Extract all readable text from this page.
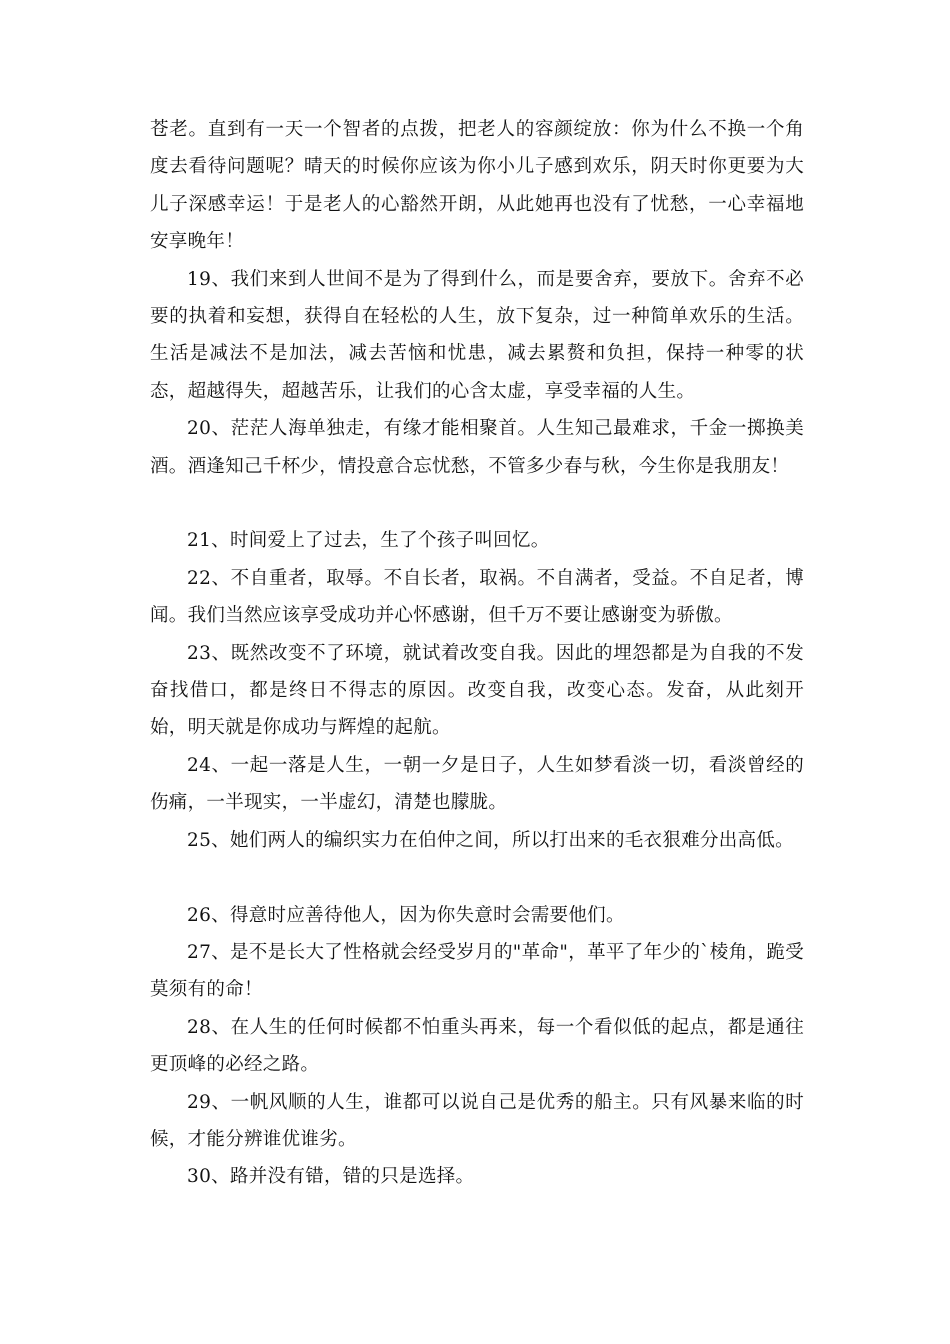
苍老。直到有一天一个智者的点拨，把老人的容颜绽放：你为什么不换一个角度去看待问题呢？晴天的时候你应该为你小儿子感到欢乐，阴天时你更要为大儿子深感幸运！于是老人的心豁然开朗，从此她再也没有了忧愁，一心幸福地安享晚年！

19、我们来到人世间不是为了得到什么，而是要舍弃，要放下。舍弃不必要的执着和妄想，获得自在轻松的人生，放下复杂，过一种简单欢乐的生活。生活是减法不是加法，减去苦恼和忧患，减去累赘和负担，保持一种零的状态，超越得失，超越苦乐，让我们的心含太虚，享受幸福的人生。

20、茫茫人海单独走，有缘才能相聚首。人生知己最难求，千金一掷换美酒。酒逢知己千杯少，情投意合忘忧愁，不管多少春与秋，今生你是我朋友！

21、时间爱上了过去，生了个孩子叫回忆。

22、不自重者，取辱。不自长者，取祸。不自满者，受益。不自足者，博闻。我们当然应该享受成功并心怀感谢，但千万不要让感谢变为骄傲。

23、既然改变不了环境，就试着改变自我。因此的埋怨都是为自我的不发奋找借口，都是终日不得志的原因。改变自我，改变心态。发奋，从此刻开始，明天就是你成功与辉煌的起航。

24、一起一落是人生，一朝一夕是日子，人生如梦看淡一切，看淡曾经的伤痛，一半现实，一半虚幻，清楚也朦胧。

25、她们两人的编织实力在伯仲之间，所以打出来的毛衣狠难分出高低。

26、得意时应善待他人，因为你失意时会需要他们。

27、是不是长大了性格就会经受岁月的"革命"，革平了年少的`棱角，跪受莫须有的命！

28、在人生的任何时候都不怕重头再来，每一个看似低的起点，都是通往更顶峰的必经之路。

29、一帆风顺的人生，谁都可以说自己是优秀的船主。只有风暴来临的时候，才能分辨谁优谁劣。

30、路并没有错，错的只是选择。
